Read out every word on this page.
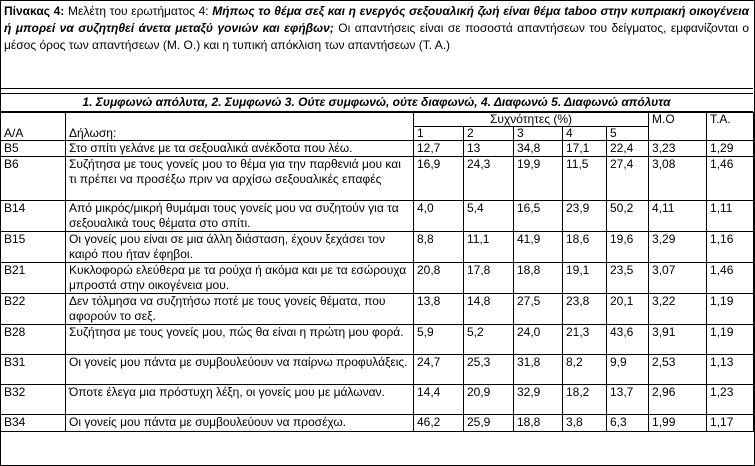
Πίνακας 4: Μελέτη του ερωτήματος 4: Μήπως το θέμα σεξ και η ενεργός σεξουαλική ζωή είναι θέμα taboo στην κυπριακή οικογένεια ή μπορεί να συζητηθεί άνετα μεταξύ γονιών και εφήβων; Οι απαντήσεις είναι σε ποσοστά απαντήσεων του δείγματος, εμφανίζονται ο μέσος όρος των απαντήσεων (Μ. Ο.) και η τυπική απόκλιση των απαντήσεων (Τ. Α.)
1. Συμφωνώ απόλυτα, 2. Συμφωνώ 3. Ούτε συμφωνώ, ούτε διαφωνώ, 4. Διαφωνώ 5. Διαφωνώ απόλυτα
		Συχνότητες (%)					Μ.Ο	Τ.Α.
Α/Α	Δήλωση:	1	2	3	4	5		
Β5	Στο σπίτι γελάνε με τα σεξουαλικά ανέκδοτα που λέω.	12,7	13	34,8	17,1	22,4	3,23	1,29
Β6	Συζήτησα με τους γονείς μου το θέμα για την παρθενιά μου και τι πρέπει να προσέξω πριν να αρχίσω σεξουαλικές επαφές	16,9	24,3	19,9	11,5	27,4	3,08	1,46
Β14	Από μικρός/μικρή θυμάμαι τους γονείς μου να συζητούν για τα σεξουαλικά τους θέματα στο σπίτι.	4,0	5,4	16,5	23,9	50,2	4,11	1,11
Β15	Οι γονείς μου είναι σε μια άλλη διάσταση, έχουν ξεχάσει τον καιρό που ήταν έφηβοι.	8,8	11,1	41,9	18,6	19,6	3,29	1,16
Β21	Κυκλοφορώ ελεύθερα με τα ρούχα ή ακόμα και με τα εσώρουχα μπροστά στην οικογένεια μου.	20,8	17,8	18,8	19,1	23,5	3,07	1,46
Β22	Δεν τόλμησα να συζητήσω ποτέ με τους γονείς θέματα, που αφορούν το σεξ.	13,8	14,8	27,5	23,8	20,1	3,22	1,19
Β28	Συζήτησα με τους γονείς μου, πώς θα είναι η πρώτη μου φορά.	5,9	5,2	24,0	21,3	43,6	3,91	1,19
Β31	Οι γονείς μου πάντα με συμβουλεύουν να παίρνω προφυλάξεις.	24,7	25,3	31,8	8,2	9,9	2,53	1,13
Β32	Όποτε έλεγα μια πρόστυχη λέξη, οι γονείς μου με μάλωναν.	14,4	20,9	32,9	18,2	13,7	2,96	1,23
Β34	Οι γονείς μου πάντα με συμβουλεύουν να προσέχω.	46,2	25,9	18,8	3,8	6,3	1,99	1,17
